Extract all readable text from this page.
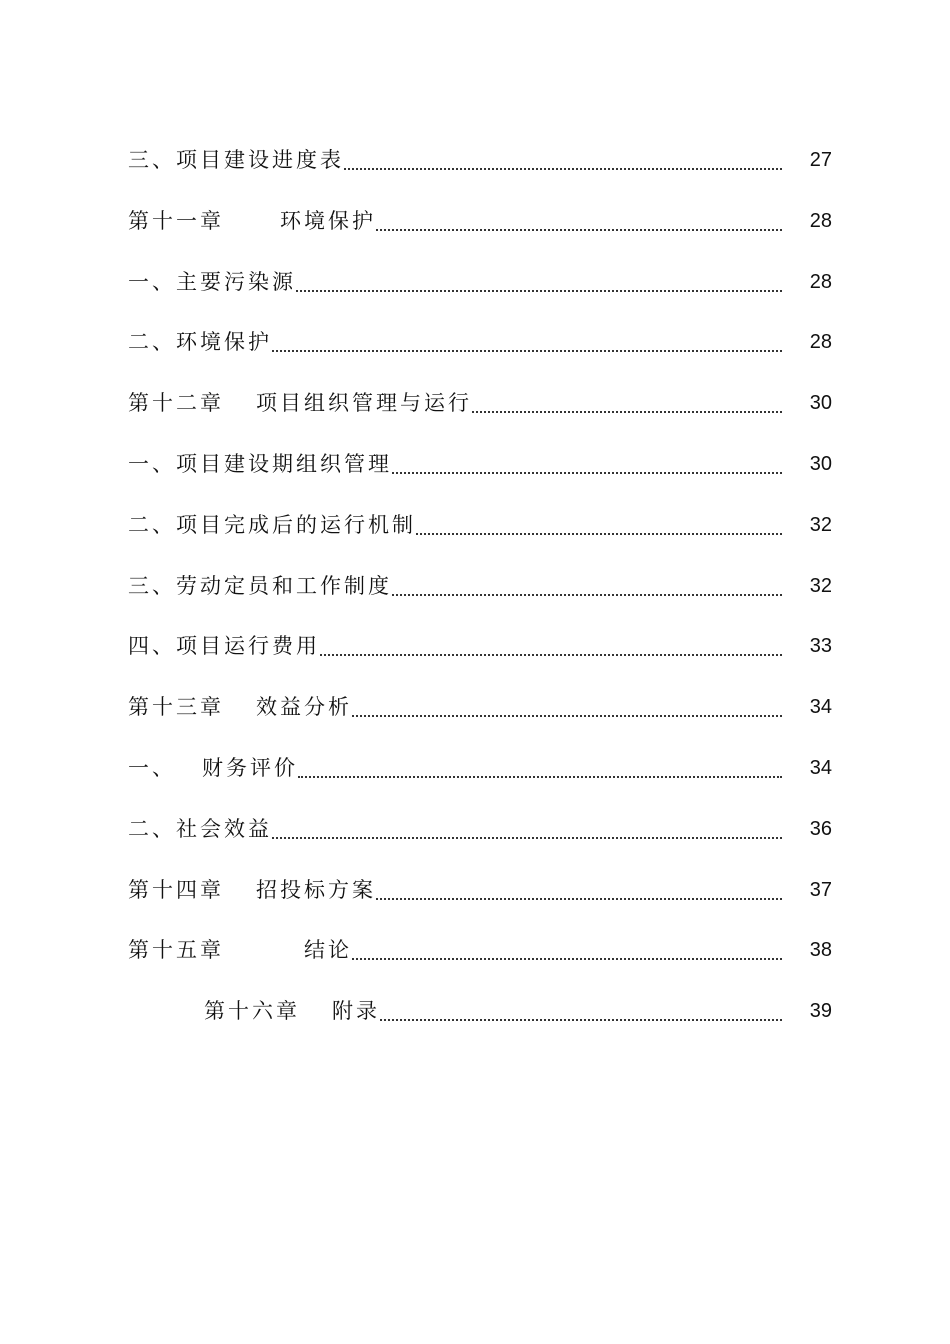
三、项目建设进度表	27
第十一章	环境保护	28
一、主要污染源	28
二、环境保护	28
第十二章 项目组织管理与运行	30
一、项目建设期组织管理	30
二、项目完成后的运行机制	32
三、劳动定员和工作制度	32
四、项目运行费用	33
第十三章 效益分析	34
一、 财务评价	34
二、社会效益	36
第十四章 招投标方案	37
第十五章	结论	38
第十六章 附录	39
